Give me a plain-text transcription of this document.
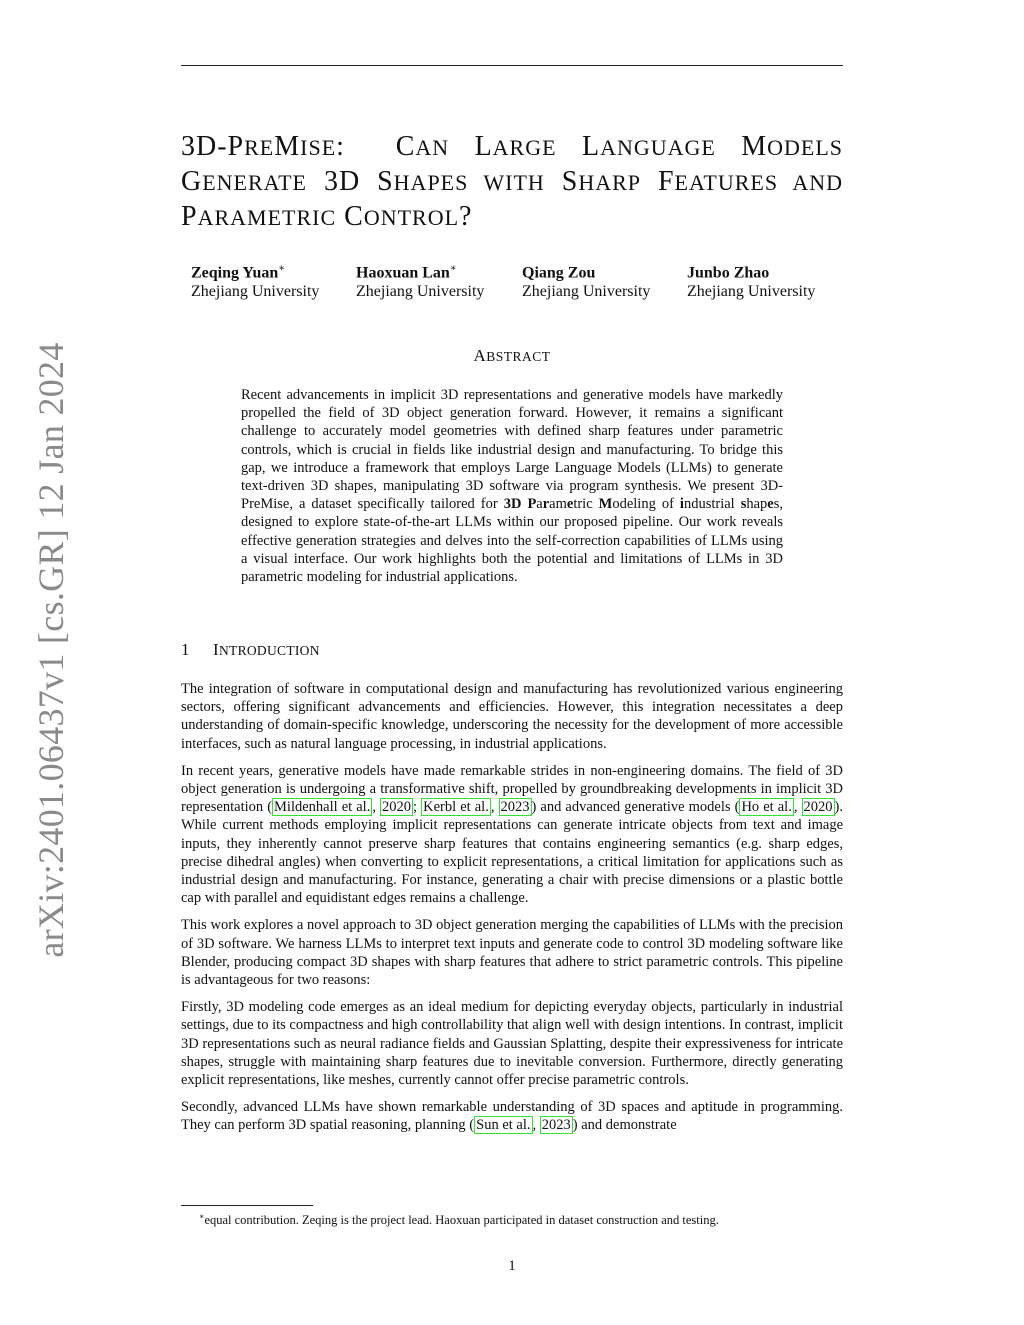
arXiv:2401.06437v1 [cs.GR] 12 Jan 2024
3D-PREMISE:  CAN LARGE LANGUAGE MODELS
GENERATE 3D SHAPES WITH SHARP FEATURES AND
PARAMETRIC CONTROL?
Zeqing Yuan∗
Zhejiang University
Haoxuan Lan∗
Zhejiang University
Qiang Zou
Zhejiang University
Junbo Zhao
Zhejiang University
ABSTRACT

Recent advancements in implicit 3D representations and generative models have markedly propelled the field of 3D object generation forward. However, it remains a significant challenge to accurately model geometries with defined sharp features under parametric controls, which is crucial in fields like industrial design and manufacturing. To bridge this gap, we introduce a framework that employs Large Language Models (LLMs) to generate text-driven 3D shapes, manipulating 3D software via program synthesis. We present 3D-PreMise, a dataset specifically tailored for 3D Parametric Modeling of industrial shapes, designed to explore state-of-the-art LLMs within our proposed pipeline. Our work reveals effective generation strategies and delves into the self-correction capabilities of LLMs using a visual interface. Our work highlights both the potential and limitations of LLMs in 3D parametric modeling for industrial applications.

1 INTRODUCTION

The integration of software in computational design and manufacturing has revolutionized various engineering sectors, offering significant advancements and efficiencies. However, this integration necessitates a deep understanding of domain-specific knowledge, underscoring the necessity for the development of more accessible interfaces, such as natural language processing, in industrial applications.

In recent years, generative models have made remarkable strides in non-engineering domains. The field of 3D object generation is undergoing a transformative shift, propelled by groundbreaking developments in implicit 3D representation ( Mildenhall et al. , 2020 ; Kerbl et al. , 2023 ) and advanced generative models ( Ho et al. , 2020 ). While current methods employing implicit representations can generate intricate objects from text and image inputs, they inherently cannot preserve sharp features that contains engineering semantics (e.g. sharp edges, precise dihedral angles) when converting to explicit representations, a critical limitation for applications such as industrial design and manufacturing. For instance, generating a chair with precise dimensions or a plastic bottle cap with parallel and equidistant edges remains a challenge.

This work explores a novel approach to 3D object generation merging the capabilities of LLMs with the precision of 3D software. We harness LLMs to interpret text inputs and generate code to control 3D modeling software like Blender, producing compact 3D shapes with sharp features that adhere to strict parametric controls. This pipeline is advantageous for two reasons:

Firstly, 3D modeling code emerges as an ideal medium for depicting everyday objects, particularly in industrial settings, due to its compactness and high controllability that align well with design intentions. In contrast, implicit 3D representations such as neural radiance fields and Gaussian Splatting, despite their expressiveness for intricate shapes, struggle with maintaining sharp features due to inevitable conversion. Furthermore, directly generating explicit representations, like meshes, currently cannot offer precise parametric controls.

Secondly, advanced LLMs have shown remarkable understanding of 3D spaces and aptitude in programming. They can perform 3D spatial reasoning, planning ( Sun et al. , 2023 ) and demonstrate

∗equal contribution. Zeqing is the project lead. Haoxuan participated in dataset construction and testing.

1
